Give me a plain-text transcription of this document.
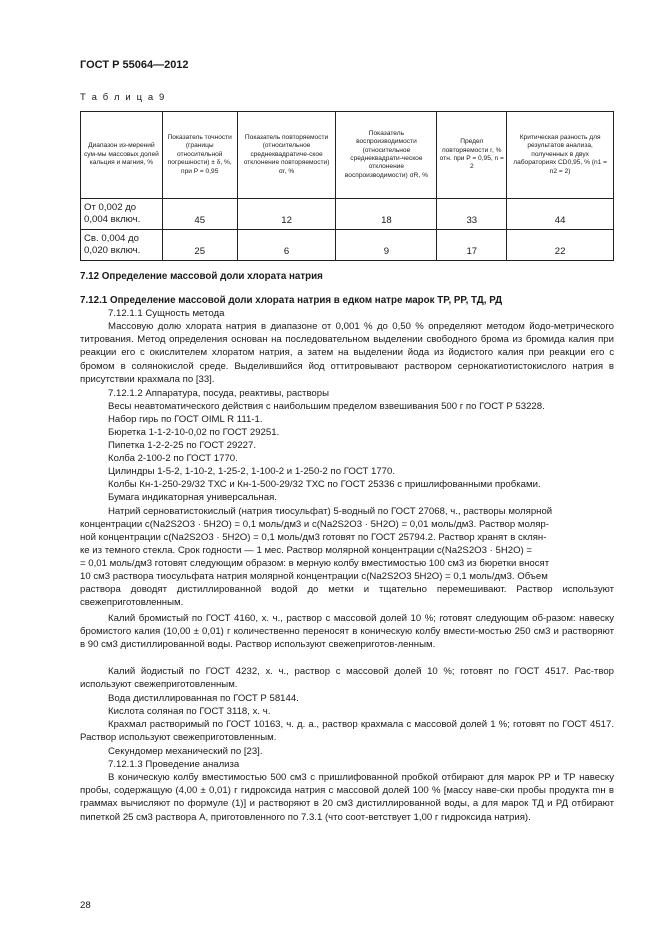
ГОСТ Р 55064—2012
Т а б л и ц а 9
Диапазон из-мерений сум-мы массовых долей кальция и магния, %	Показатель точности (границы относительной погрешности) ± δ, %, при P = 0,95	Показатель повторяемости (относительное среднеквадратиче-ское отклонение повторяемости) σr, %	Показатель воспроизводимости (относительное среднеквадрати-ческое отклонение воспроизводимости) σR, %	Предел повторяемости r, % отн. при P = 0,95, n = 2	Критическая разность для результатов анализа, полученных в двух лабораториях CD0,95, % (n1 = n2 = 2)
От 0,002 до 0,004 включ.	45	12	18	33	44
Св. 0,004 до 0,020 включ.	25	6	9	17	22
7.12 Определение массовой доли хлората натрия
7.12.1 Определение массовой доли хлората натрия в едком натре марок ТР, РР, ТД, РД
7.12.1.1 Сущность метода
Массовую долю хлората натрия в диапазоне от 0,001 % до 0,50 % определяют методом йодо-метрического титрования. Метод определения основан на последовательном выделении свободного брома из бромида калия при реакции его с окислителем хлоратом натрия, а затем на выделении йода из йодистого калия при реакции его с бромом в солянокислой среде. Выделившийся йод оттитровывают раствором сернокатиотистокислого натрия в присутствии крахмала по [33].
7.12.1.2 Аппаратура, посуда, реактивы, растворы
Весы неавтоматического действия с наибольшим пределом взвешивания 500 г по ГОСТ Р 53228.
Набор гирь по ГОСТ OIML R 111-1.
Бюретка 1-1-2-10-0,02 по ГОСТ 29251.
Пипетка 1-2-2-25 по ГОСТ 29227.
Колба 2-100-2 по ГОСТ 1770.
Цилиндры 1-5-2, 1-10-2, 1-25-2, 1-100-2 и 1-250-2 по ГОСТ 1770.
Колбы Кн-1-250-29/32 ТХС и Кн-1-500-29/32 ТХС по ГОСТ 25336 с пришлифованными пробками.
Бумага индикаторная универсальная.
Натрий серноватистокислый (натрия тиосульфат) 5-водный по ГОСТ 27068, ч., растворы молярной
концентрации c(Na2S2O3 · 5H2O) = 0,1 моль/дм3 и c(Na2S2O3 · 5H2O) = 0,01 моль/дм3. Раствор моляр-
ной концентрации c(Na2S2O3 · 5H2O) = 0,1 моль/дм3 готовят по ГОСТ 25794.2. Раствор хранят в склян-
ке из темного стекла. Срок годности — 1 мес. Раствор молярной концентрации c(Na2S2O3 · 5H2O) =
= 0,01 моль/дм3 готовят следующим образом: в мерную колбу вместимостью 100 см3 из бюретки вносят
10 см3 раствора тиосульфата натрия молярной концентрации c(Na2S2O3 5H2O) = 0,1 моль/дм3. Объем
раствора доводят дистиллированной водой до метки и тщательно перемешивают. Раствор используют свежеприготовленным.
Калий бромистый по ГОСТ 4160, х. ч., раствор с массовой долей 10 %; готовят следующим об-разом: навеску бромистого калия (10,00 ± 0,01) г количественно переносят в коническую колбу вмести-мостью 250 см3 и растворяют в 90 см3 дистиллированной воды. Раствор используют свежеприготов-ленным.
Калий йодистый по ГОСТ 4232, х. ч., раствор с массовой долей 10 %; готовят по ГОСТ 4517. Рас-твор используют свежеприготовленным.
Вода дистиллированная по ГОСТ Р 58144.
Кислота соляная по ГОСТ 3118, х. ч.
Крахмал растворимый по ГОСТ 10163, ч. д. а., раствор крахмала с массовой долей 1 %; готовят по ГОСТ 4517. Раствор используют свежеприготовленным.
Секундомер механический по [23].
7.12.1.3 Проведение анализа
В коническую колбу вместимостью 500 см3 с пришлифованной пробкой отбирают для марок РР и ТР навеску пробы, содержащую (4,00 ± 0,01) г гидроксида натрия с массовой долей 100 % [массу наве-ски пробы продукта mн в граммах вычисляют по формуле (1)] и растворяют в 20 см3 дистиллированной воды, а для марок ТД и РД отбирают пипеткой 25 см3 раствора А, приготовленного по 7.3.1 (что соот-ветствует 1,00 г гидроксида натрия).
28
